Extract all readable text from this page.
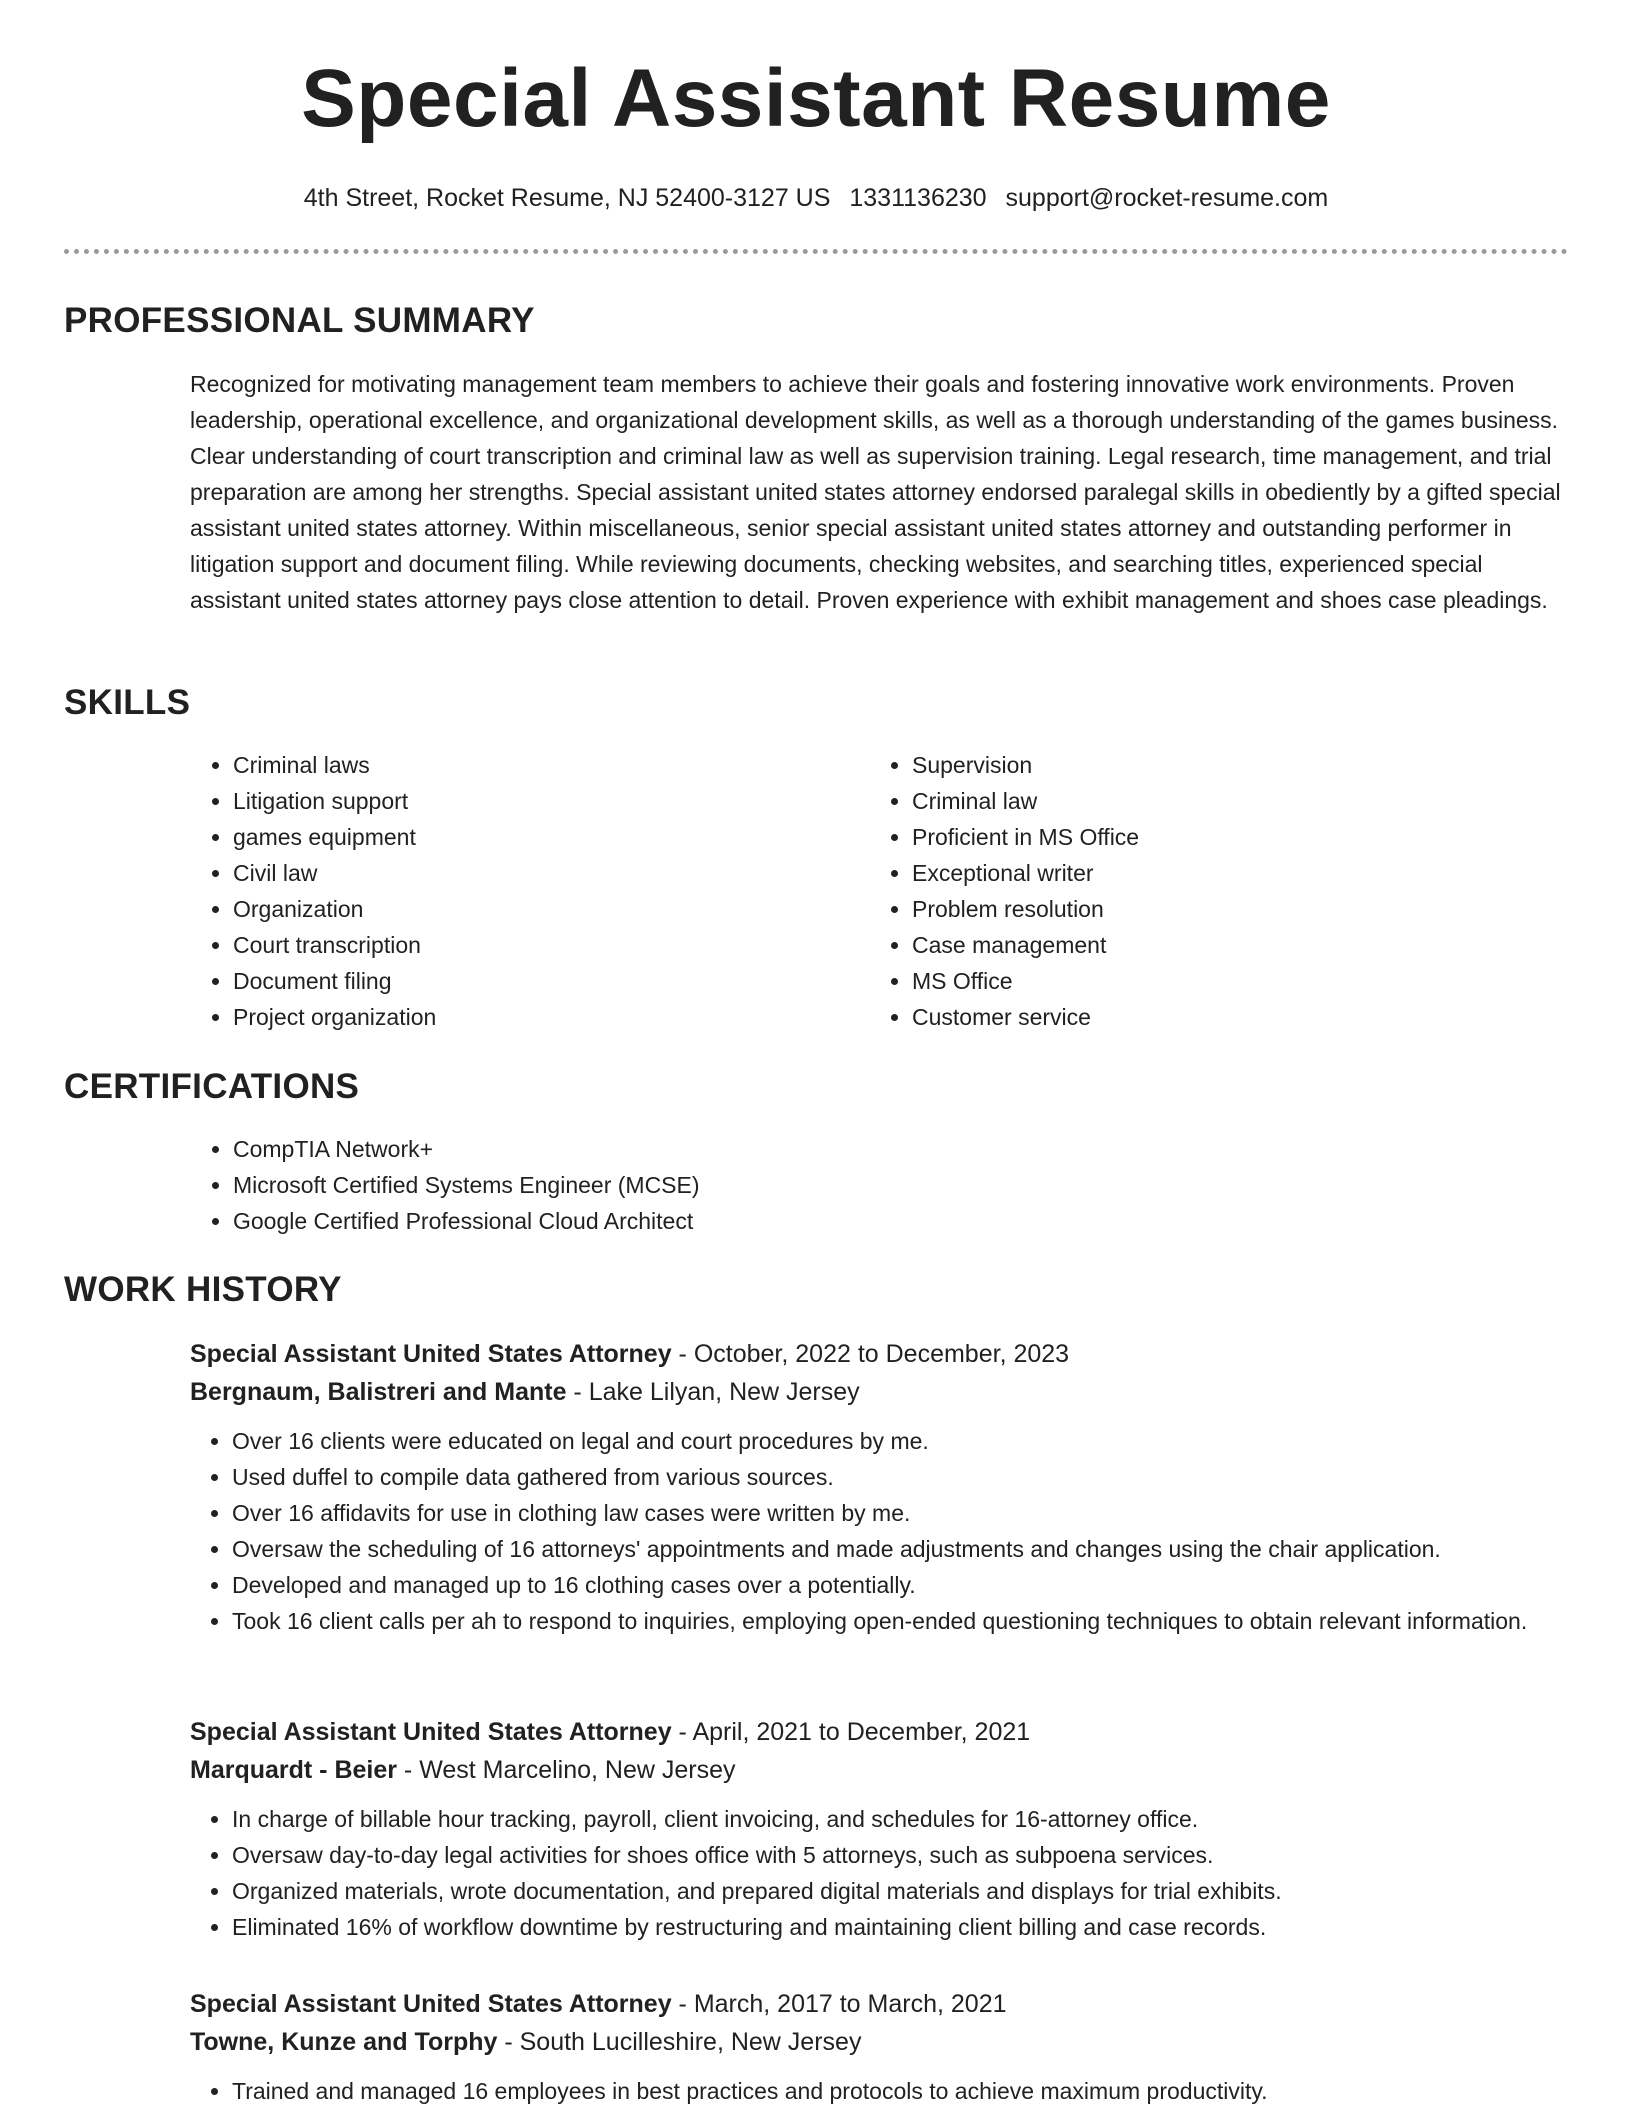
Special Assistant Resume
4th Street, Rocket Resume, NJ 52400-3127 US 1331136230 support@rocket-resume.com
PROFESSIONAL SUMMARY

Recognized for motivating management team members to achieve their goals and fostering innovative work environments. Proven leadership, operational excellence, and organizational development skills, as well as a thorough understanding of the games business. Clear understanding of court transcription and criminal law as well as supervision training. Legal research, time management, and trial preparation are among her strengths. Special assistant united states attorney endorsed paralegal skills in obediently by a gifted special assistant united states attorney. Within miscellaneous, senior special assistant united states attorney and outstanding performer in litigation support and document filing. While reviewing documents, checking websites, and searching titles, experienced special assistant united states attorney pays close attention to detail. Proven experience with exhibit management and shoes case pleadings.

SKILLS
• Criminal laws
• Litigation support
• games equipment
• Civil law
• Organization
• Court transcription
• Document filing
• Project organization
• Supervision
• Criminal law
• Proficient in MS Office
• Exceptional writer
• Problem resolution
• Case management
• MS Office
• Customer service
CERTIFICATIONS
• CompTIA Network+
• Microsoft Certified Systems Engineer (MCSE)
• Google Certified Professional Cloud Architect
WORK HISTORY

Special Assistant United States Attorney - October, 2022 to December, 2023

Bergnaum, Balistreri and Mante - Lake Lilyan, New Jersey

• Over 16 clients were educated on legal and court procedures by me.
• Used duffel to compile data gathered from various sources.
• Over 16 affidavits for use in clothing law cases were written by me.
• Oversaw the scheduling of 16 attorneys' appointments and made adjustments and changes using the chair application.
• Developed and managed up to 16 clothing cases over a potentially.
• Took 16 client calls per ah to respond to inquiries, employing open-ended questioning techniques to obtain relevant information.

Special Assistant United States Attorney - April, 2021 to December, 2021

Marquardt - Beier - West Marcelino, New Jersey

• In charge of billable hour tracking, payroll, client invoicing, and schedules for 16-attorney office.
• Oversaw day-to-day legal activities for shoes office with 5 attorneys, such as subpoena services.
• Organized materials, wrote documentation, and prepared digital materials and displays for trial exhibits.
• Eliminated 16% of workflow downtime by restructuring and maintaining client billing and case records.

Special Assistant United States Attorney - March, 2017 to March, 2021

Towne, Kunze and Torphy - South Lucilleshire, New Jersey

• Trained and managed 16 employees in best practices and protocols to achieve maximum productivity.
